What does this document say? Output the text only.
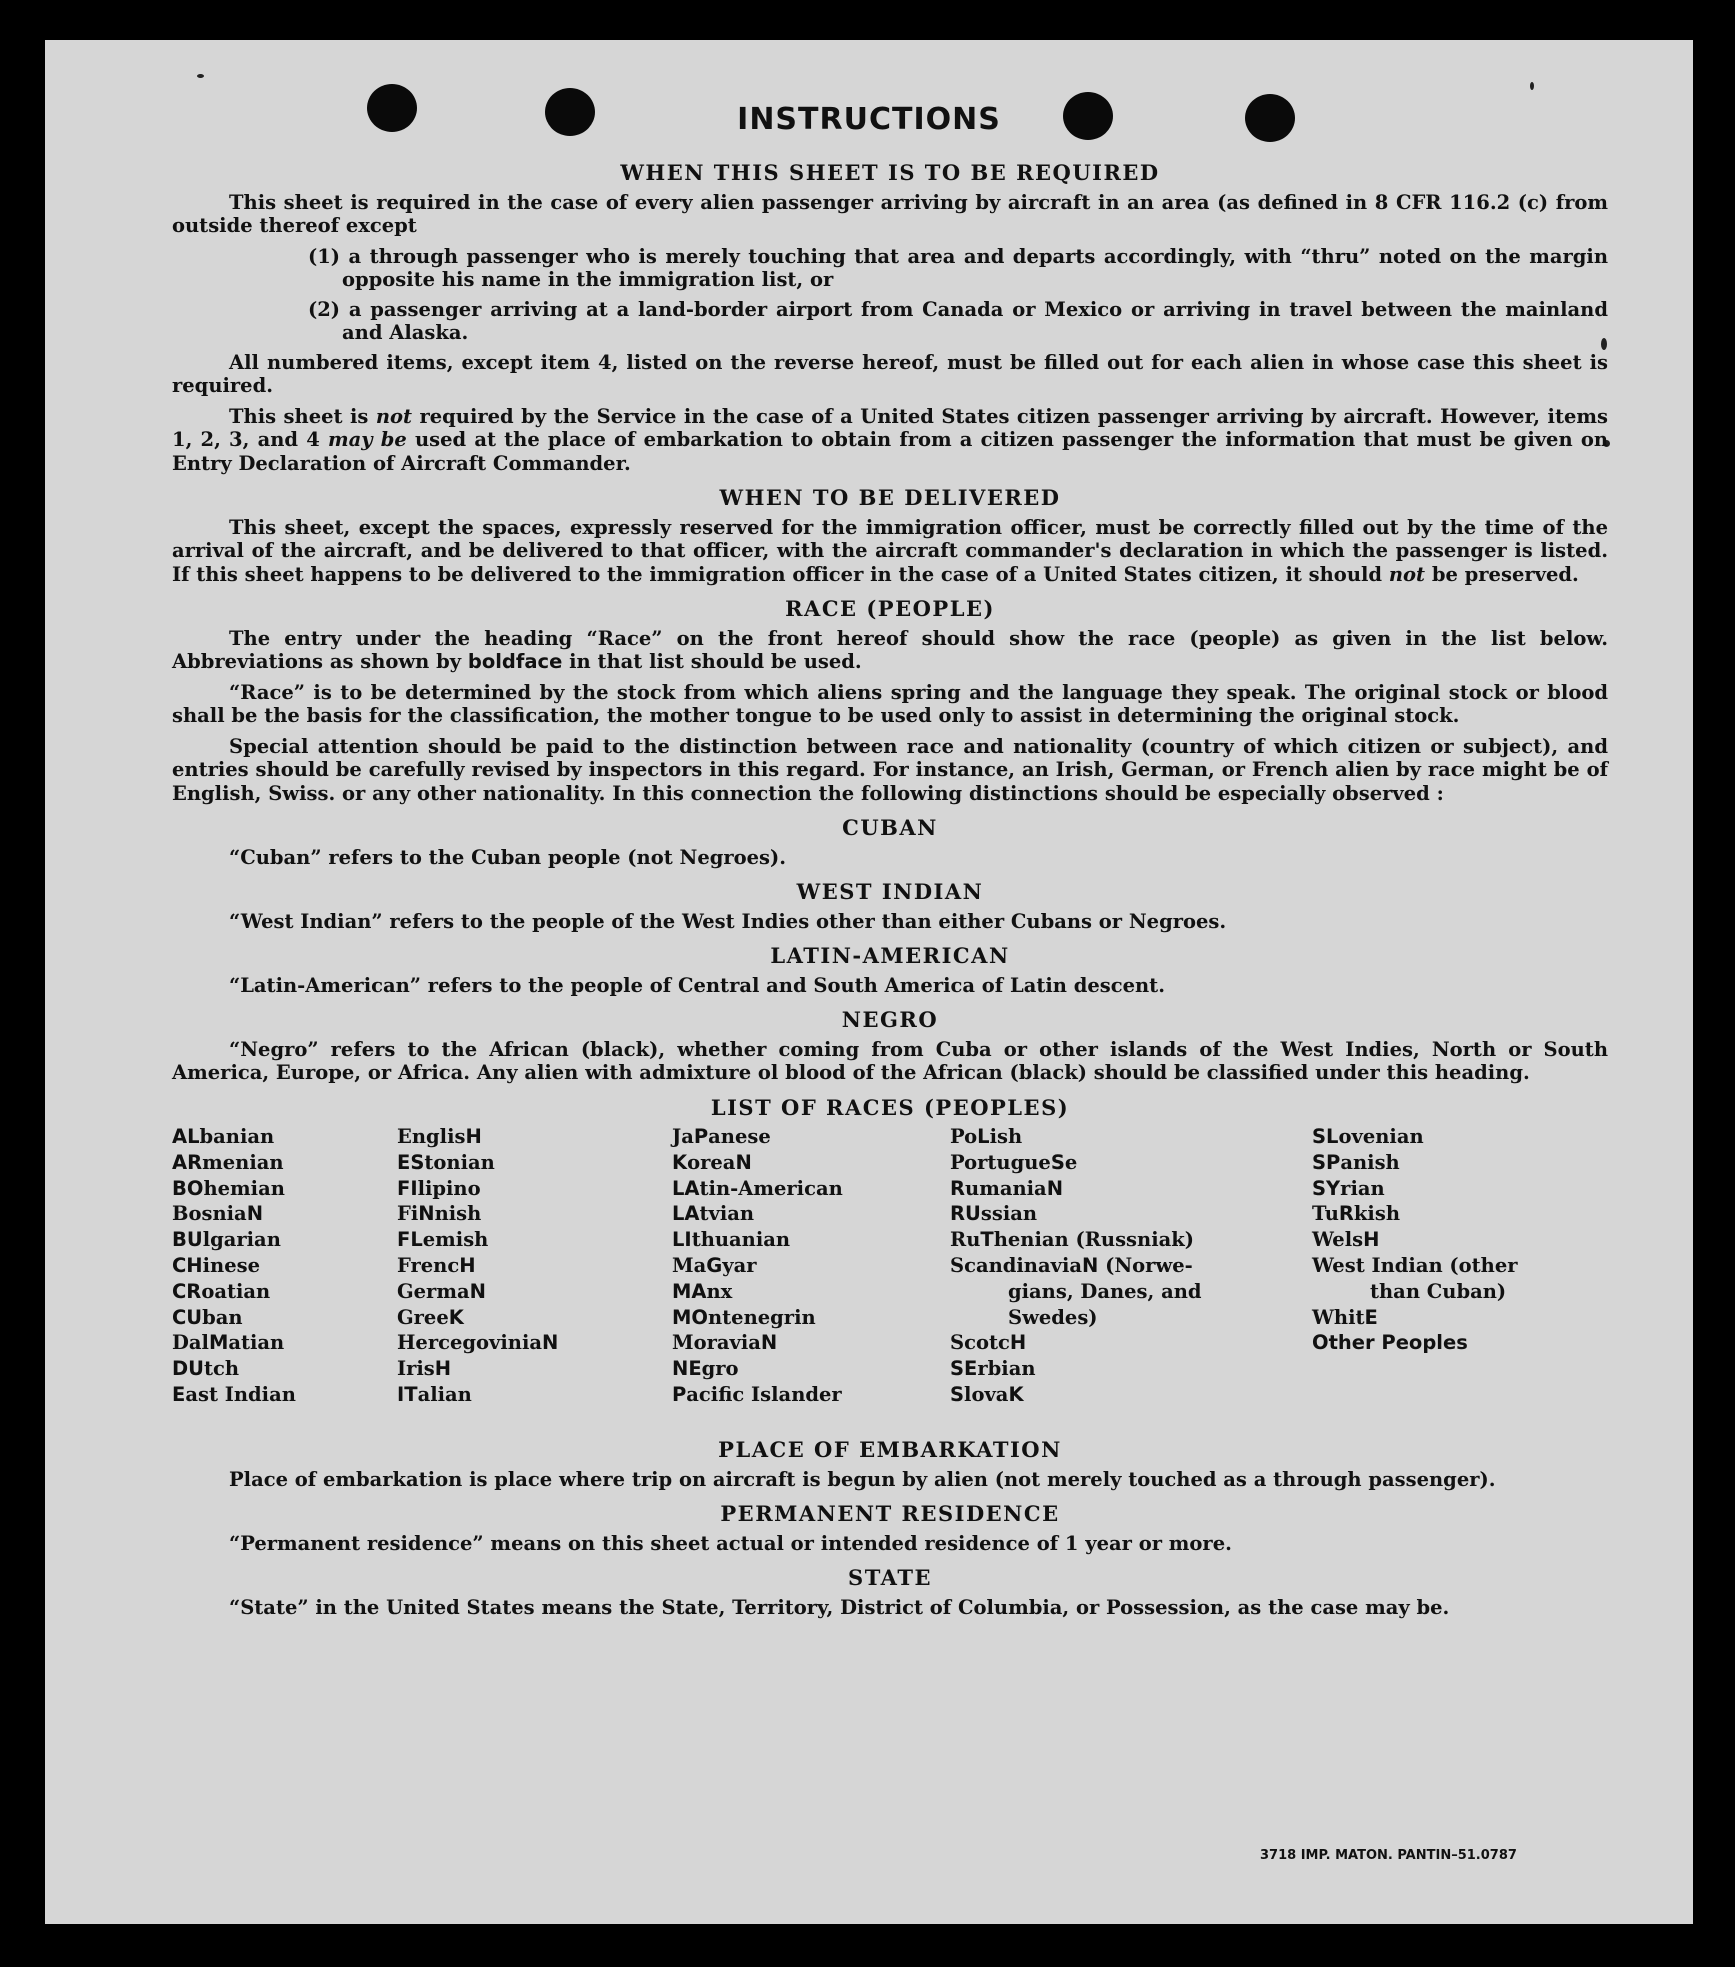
INSTRUCTIONS
WHEN THIS SHEET IS TO BE REQUIRED
This sheet is required in the case of every alien passenger arriving by aircraft in an area (as defined in 8 CFR 116.2 (c) from outside thereof except
(1) a through passenger who is merely touching that area and departs accordingly, with “thru” noted on the margin opposite his name in the immigration list, or
(2) a passenger arriving at a land-border airport from Canada or Mexico or arriving in travel between the mainland and Alaska.
All numbered items, except item 4, listed on the reverse hereof, must be filled out for each alien in whose case this sheet is required.
This sheet is not required by the Service in the case of a United States citizen passenger arriving by aircraft. However, items 1, 2, 3, and 4 may be used at the place of embarkation to obtain from a citizen passenger the information that must be given on Entry Declaration of Aircraft Commander.
WHEN TO BE DELIVERED
This sheet, except the spaces, expressly reserved for the immigration officer, must be correctly filled out by the time of the arrival of the aircraft, and be delivered to that officer, with the aircraft commander's declaration in which the passenger is listed. If this sheet happens to be delivered to the immigration officer in the case of a United States citizen, it should not be preserved.
RACE (PEOPLE)
The entry under the heading “Race” on the front hereof should show the race (people) as given in the list below. Abbreviations as shown by boldface in that list should be used.
“Race” is to be determined by the stock from which aliens spring and the language they speak. The original stock or blood shall be the basis for the classification, the mother tongue to be used only to assist in determining the original stock.
Special attention should be paid to the distinction between race and nationality (country of which citizen or subject), and entries should be carefully revised by inspectors in this regard. For instance, an Irish, German, or French alien by race might be of English, Swiss. or any other nationality. In this connection the following distinctions should be especially observed :
CUBAN
“Cuban” refers to the Cuban people (not Negroes).
WEST INDIAN
“West Indian” refers to the people of the West Indies other than either Cubans or Negroes.
LATIN-AMERICAN
“Latin-American” refers to the people of Central and South America of Latin descent.
NEGRO
“Negro” refers to the African (black), whether coming from Cuba or other islands of the West Indies, North or South America, Europe, or Africa. Any alien with admixture ol blood of the African (black) should be classified under this heading.
LIST OF RACES (PEOPLES)
ALbanian
ARmenian
BOhemian
BosniaN
BUlgarian
CHinese
CRoatian
CUban
DalMatian
DUtch
East Indian
EnglisH
EStonian
FIlipino
FiNnish
FLemish
FrencH
GermaN
GreeK
HercegoviniaN
IrisH
ITalian
JaPanese
KoreaN
LAtin-American
LAtvian
LIthuanian
MaGyar
MAnx
MOntenegrin
MoraviaN
NEgro
Pacific Islander
PoLish
PortugueSe
RumaniaN
RUssian
RuThenian (Russniak)
ScandinaviaN (Norwe-
gians, Danes, and
Swedes)
ScotcH
SErbian
SlovaK
SLovenian
SPanish
SYrian
TuRkish
WelsH
West Indian (other
than Cuban)
WhitE
Other Peoples
PLACE OF EMBARKATION
Place of embarkation is place where trip on aircraft is begun by alien (not merely touched as a through passenger).
PERMANENT RESIDENCE
“Permanent residence” means on this sheet actual or intended residence of 1 year or more.
STATE
“State” in the United States means the State, Territory, District of Columbia, or Possession, as the case may be.
3718 IMP. MATON. PANTIN–51.0787
